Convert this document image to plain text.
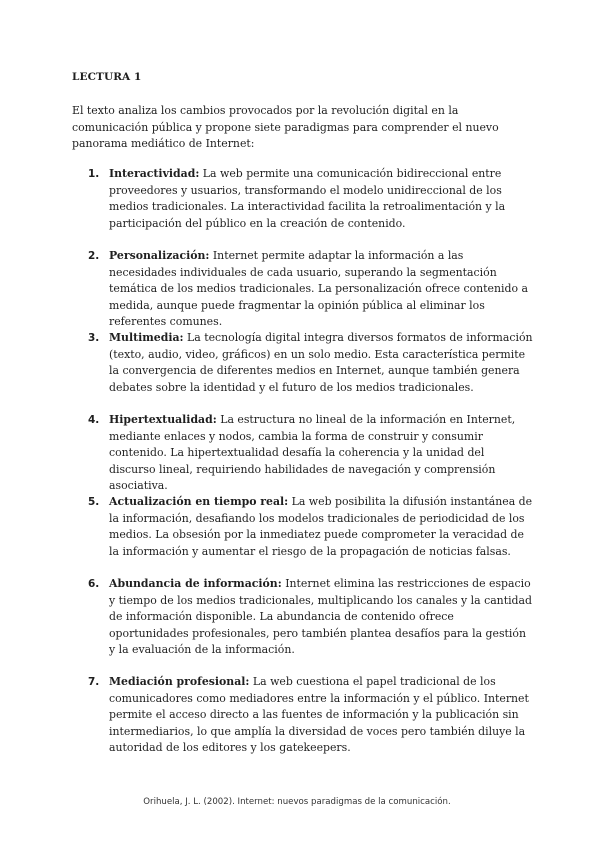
LECTURA 1

El texto analiza los cambios provocados por la revolución digital en la comunicación pública y propone siete paradigmas para comprender el nuevo panorama mediático de Internet:

1. Interactividad: La web permite una comunicación bidireccional entre proveedores y usuarios, transformando el modelo unidireccional de los medios tradicionales. La interactividad facilita la retroalimentación y la participación del público en la creación de contenido.
2. Personalización: Internet permite adaptar la información a las necesidades individuales de cada usuario, superando la segmentación temática de los medios tradicionales. La personalización ofrece contenido a medida, aunque puede fragmentar la opinión pública al eliminar los referentes comunes.
3. Multimedia: La tecnología digital integra diversos formatos de información (texto, audio, video, gráficos) en un solo medio. Esta característica permite la convergencia de diferentes medios en Internet, aunque también genera debates sobre la identidad y el futuro de los medios tradicionales.
4. Hipertextualidad: La estructura no lineal de la información en Internet, mediante enlaces y nodos, cambia la forma de construir y consumir contenido. La hipertextualidad desafía la coherencia y la unidad del discurso lineal, requiriendo habilidades de navegación y comprensión asociativa.
5. Actualización en tiempo real: La web posibilita la difusión instantánea de la información, desafiando los modelos tradicionales de periodicidad de los medios. La obsesión por la inmediatez puede comprometer la veracidad de la información y aumentar el riesgo de la propagación de noticias falsas.
6. Abundancia de información: Internet elimina las restricciones de espacio y tiempo de los medios tradicionales, multiplicando los canales y la cantidad de información disponible. La abundancia de contenido ofrece oportunidades profesionales, pero también plantea desafíos para la gestión y la evaluación de la información.
7. Mediación profesional: La web cuestiona el papel tradicional de los comunicadores como mediadores entre la información y el público. Internet permite el acceso directo a las fuentes de información y la publicación sin intermediarios, lo que amplía la diversidad de voces pero también diluye la autoridad de los editores y los gatekeepers.
Orihuela, J. L. (2002). Internet: nuevos paradigmas de la comunicación.
